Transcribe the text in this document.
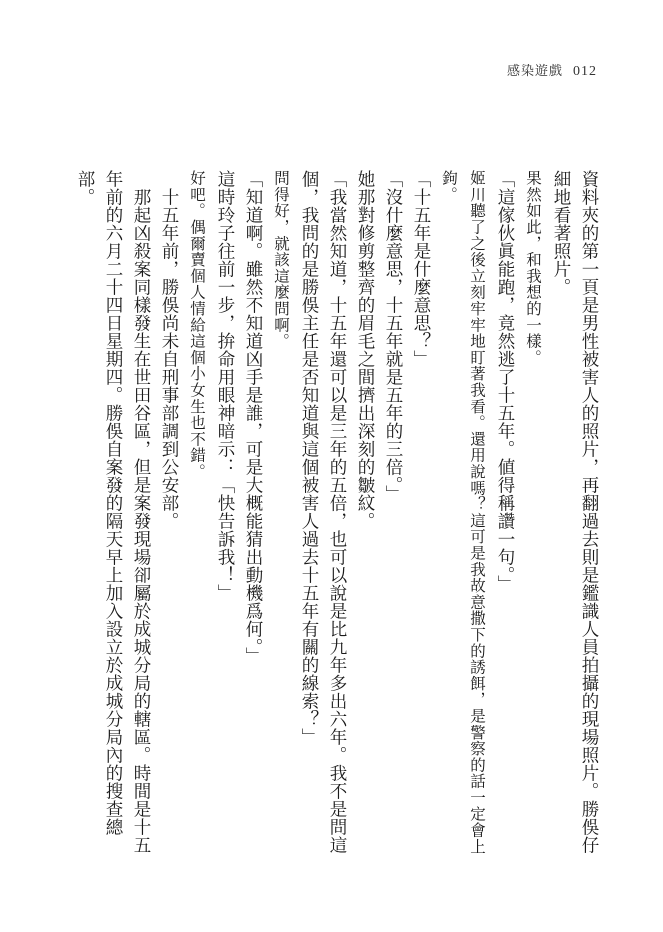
感染遊戲 012

資料夾的第一頁是男性被害人的照片，再翻過去則是鑑識人員拍攝的現場照片。勝俁仔細地看著照片。

果然如此，和我想的一樣。

「這傢伙眞能跑，竟然逃了十五年。値得稱讚一句。」

姬川聽了之後立刻牢牢地盯著我看。還用說嗎？這可是我故意撒下的誘餌，是警察的話一定會上鉤。

「十五年是什麼意思？」

「沒什麼意思，十五年就是五年的三倍。」

她那對修剪整齊的眉毛之間擠出深刻的皺紋。

「我當然知道，十五年還可以是三年的五倍，也可以說是比九年多出六年。我不是問這個，我問的是勝俁主任是否知道與這個被害人過去十五年有關的線索？」

問得好，就該這麼問啊。

「知道啊。雖然不知道凶手是誰，可是大概能猜出動機爲何。」

這時玲子往前一步，拚命用眼神暗示：「快告訴我！」

好吧。偶爾賣個人情給這個小女生也不錯。

十五年前，勝俁尚未自刑事部調到公安部。

那起凶殺案同樣發生在世田谷區，但是案發現場卻屬於成城分局的轄區。時間是十五年前的六月二十四日星期四。勝俁自案發的隔天早上加入設立於成城分局內的搜查總部。
